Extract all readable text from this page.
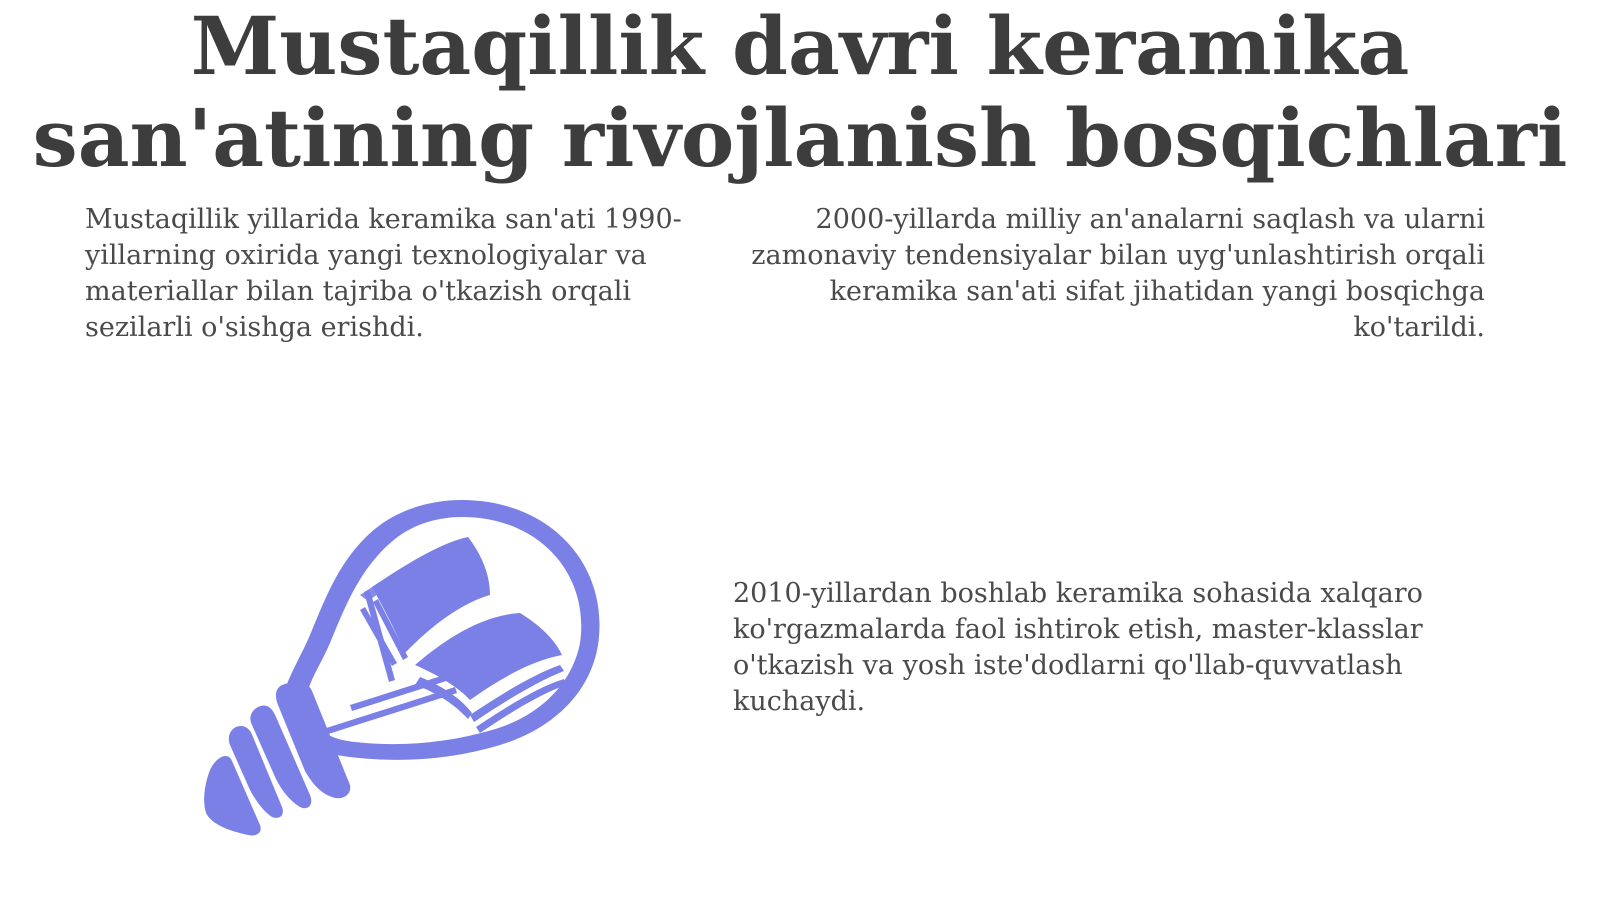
Mustaqillik davri keramika
san'atining rivojlanish bosqichlari

Mustaqillik yillarida keramika san'ati 1990-yillarning oxirida yangi texnologiyalar va materiallar bilan tajriba o'tkazish orqali sezilarli o'sishga erishdi.

2000-yillarda milliy an'analarni saqlash va ularni zamonaviy tendensiyalar bilan uyg'unlashtirish orqali keramika san'ati sifat jihatidan yangi bosqichga ko'tarildi.

2010-yillardan boshlab keramika sohasida xalqaro ko'rgazmalarda faol ishtirok etish, master-klasslar o'tkazish va yosh iste'dodlarni qo'llab-quvvatlash kuchaydi.
